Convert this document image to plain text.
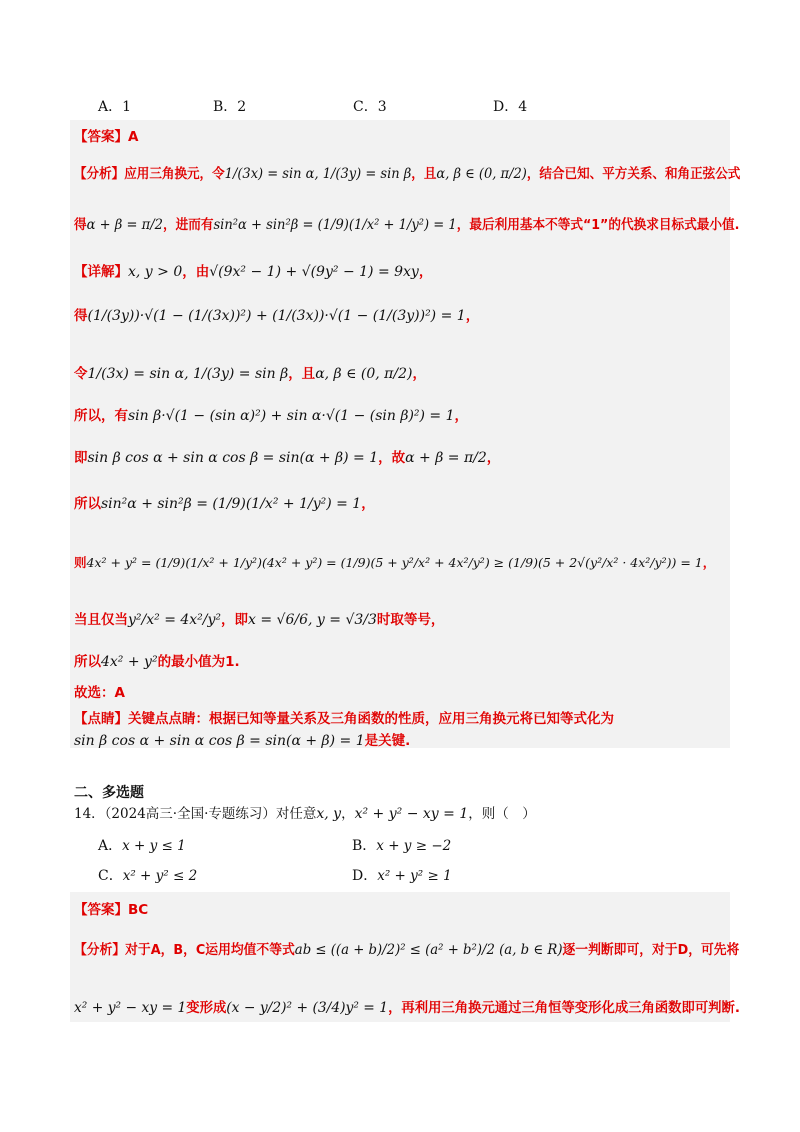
A．1	B．2	C．3	D．4
【答案】A
【分析】应用三角换元，令1/(3x) = sin α, 1/(3y) = sin β，且α, β ∈ (0, π/2)，结合已知、平方关系、和角正弦公式
得α + β = π/2，进而有sin²α + sin²β = (1/9)(1/x² + 1/y²) = 1，最后利用基本不等式“1”的代换求目标式最小值.
【详解】x, y > 0，由√(9x² − 1) + √(9y² − 1) = 9xy，
得(1/(3y))·√(1 − (1/(3x))²) + (1/(3x))·√(1 − (1/(3y))²) = 1，
令1/(3x) = sin α, 1/(3y) = sin β，且α, β ∈ (0, π/2)，
所以，有sin β·√(1 − (sin α)²) + sin α·√(1 − (sin β)²) = 1，
即sin β cos α + sin α cos β = sin(α + β) = 1，故α + β = π/2，
所以sin²α + sin²β = (1/9)(1/x² + 1/y²) = 1，
则4x² + y² = (1/9)(1/x² + 1/y²)(4x² + y²) = (1/9)(5 + y²/x² + 4x²/y²) ≥ (1/9)(5 + 2√(y²/x² · 4x²/y²)) = 1，
当且仅当y²/x² = 4x²/y²，即x = √6/6, y = √3/3时取等号，
所以4x² + y²的最小值为1.
故选：A
【点睛】关键点点睛：根据已知等量关系及三角函数的性质，应用三角换元将已知等式化为
sin β cos α + sin α cos β = sin(α + β) = 1是关键.
二、多选题
14．（2024高三·全国·专题练习）对任意x, y，x² + y² − xy = 1，则（　）
A．x + y ≤ 1	B．x + y ≥ −2
C．x² + y² ≤ 2	D．x² + y² ≥ 1
【答案】BC
【分析】对于A，B，C运用均值不等式ab ≤ ((a + b)/2)² ≤ (a² + b²)/2 (a, b ∈ R)逐一判断即可，对于D，可先将
x² + y² − xy = 1变形成(x − y/2)² + (3/4)y² = 1，再利用三角换元通过三角恒等变形化成三角函数即可判断.
